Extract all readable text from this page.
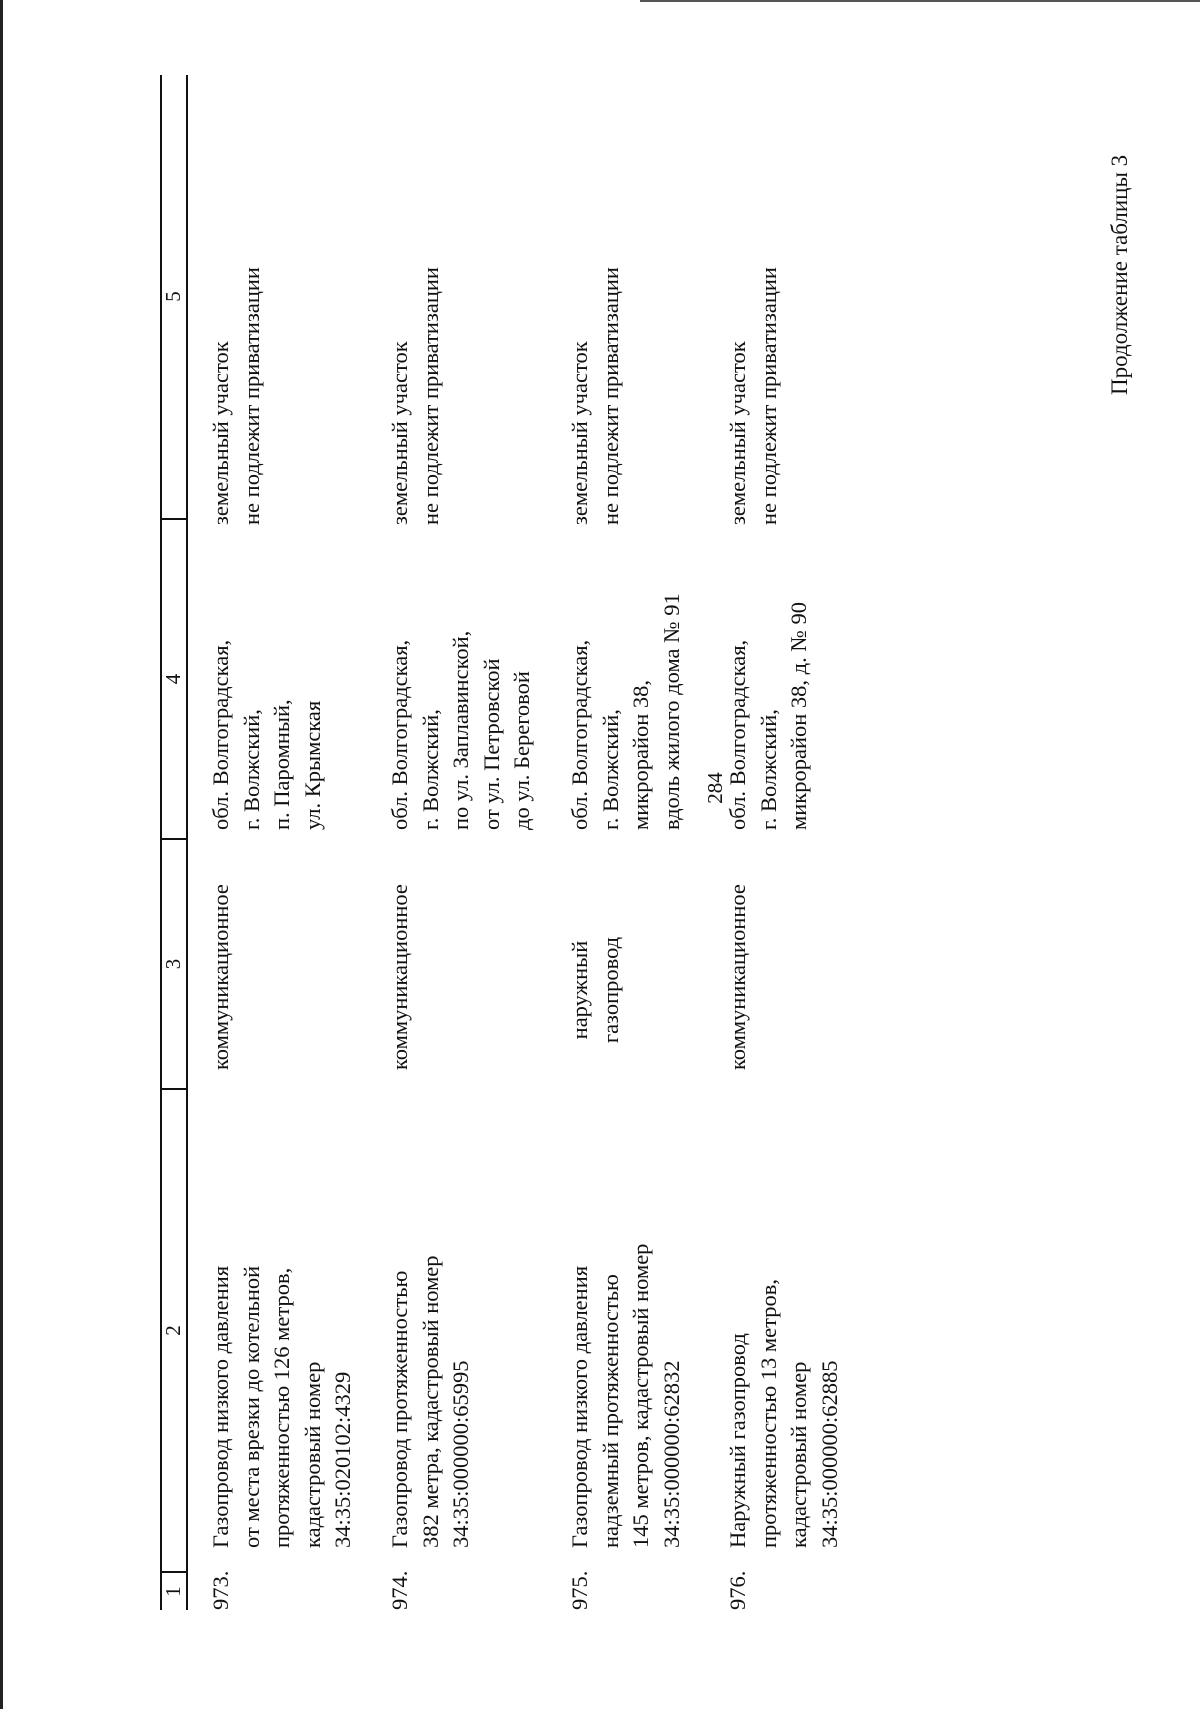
284
Продолжение таблицы 3
1
2
3
4
5
973.
Газопровод низкого давления от места врезки до котельной протяженностью 126 метров, кадастровый номер 34:35:020102:4329
коммуникационное
обл. Волгоградская, г. Волжский, п. Паромный, ул. Крымская
земельный участок не подлежит приватизации
974.
Газопровод протяженностью 382 метра, кадастровый номер 34:35:000000:65995
коммуникационное
обл. Волгоградская, г. Волжский, по ул. Заплавинской, от ул. Петровской до ул. Береговой
земельный участок не подлежит приватизации
975.
Газопровод низкого давления надземный протяженностью 145 метров, кадастровый номер 34:35:000000:62832
наружный газопровод
обл. Волгоградская, г. Волжский, микрорайон 38, вдоль жилого дома № 91
земельный участок не подлежит приватизации
976.
Наружный газопровод протяженностью 13 метров, кадастровый номер 34:35:000000:62885
коммуникационное
обл. Волгоградская, г. Волжский, микрорайон 38, д. № 90
земельный участок не подлежит приватизации
